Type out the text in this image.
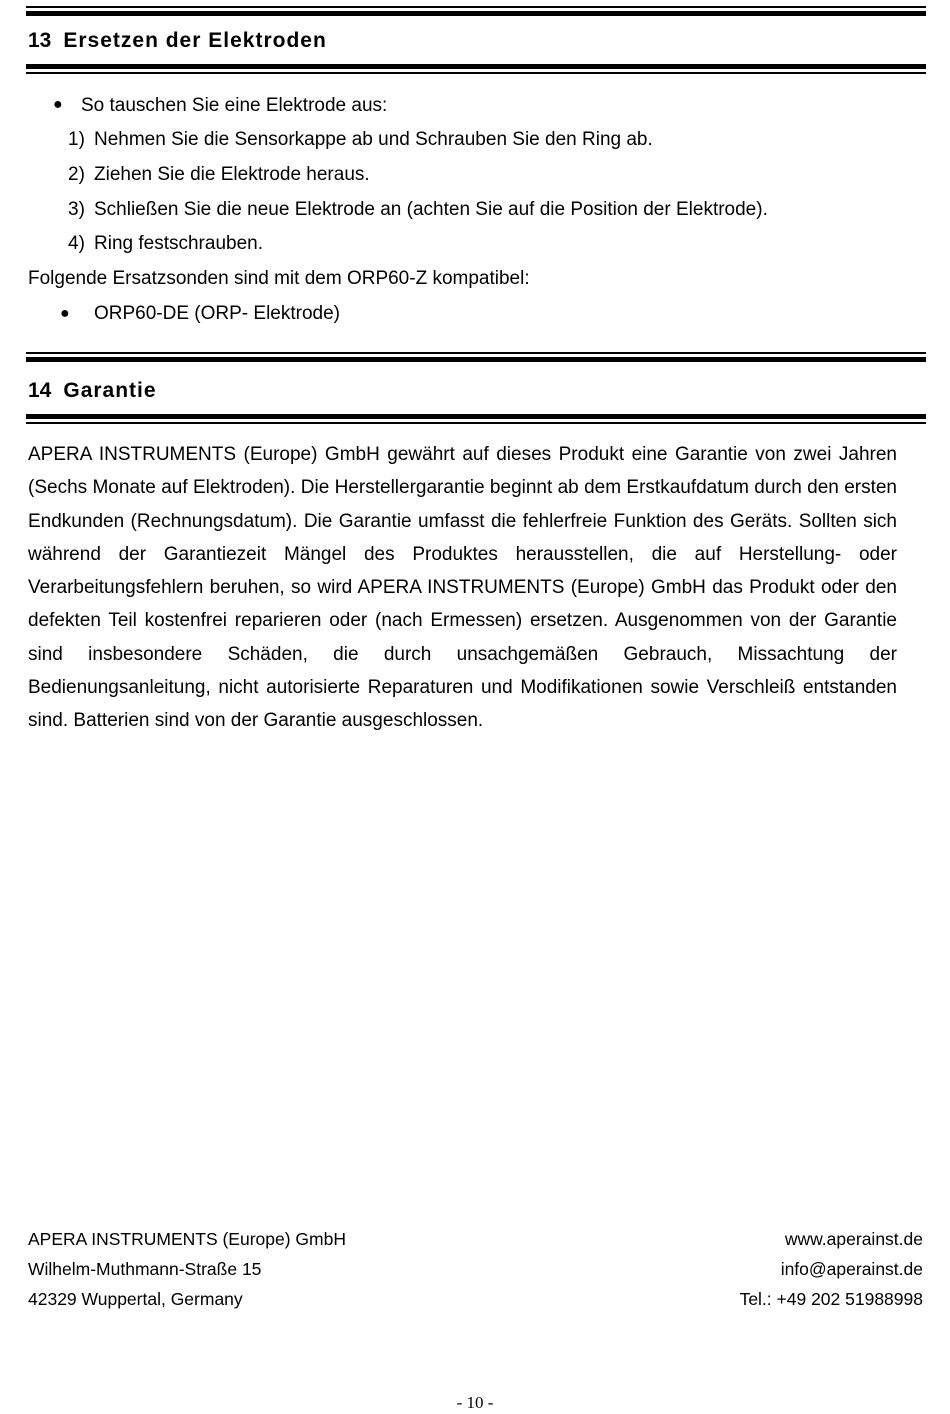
13 Ersetzen der Elektroden
● So tauschen Sie eine Elektrode aus:
1) Nehmen Sie die Sensorkappe ab und Schrauben Sie den Ring ab.
2) Ziehen Sie die Elektrode heraus.
3) Schließen Sie die neue Elektrode an (achten Sie auf die Position der Elektrode).
4) Ring festschrauben.
Folgende Ersatzsonden sind mit dem ORP60-Z kompatibel:
● ORP60-DE (ORP- Elektrode)
14 Garantie

APERA INSTRUMENTS (Europe) GmbH gewährt auf dieses Produkt eine Garantie von zwei Jahren (Sechs Monate auf Elektroden). Die Herstellergarantie beginnt ab dem Erstkaufdatum durch den ersten Endkunden (Rechnungsdatum). Die Garantie umfasst die fehlerfreie Funktion des Geräts. Sollten sich während der Garantiezeit Mängel des Produktes herausstellen, die auf Herstellung- oder Verarbeitungsfehlern beruhen, so wird APERA INSTRUMENTS (Europe) GmbH das Produkt oder den defekten Teil kostenfrei reparieren oder (nach Ermessen) ersetzen. Ausgenommen von der Garantie sind insbesondere Schäden, die durch unsachgemäßen Gebrauch, Missachtung der Bedienungsanleitung, nicht autorisierte Reparaturen und Modifikationen sowie Verschleiß entstanden sind. Batterien sind von der Garantie ausgeschlossen.

APERA INSTRUMENTS (Europe) GmbH
Wilhelm-Muthmann-Straße 15
42329 Wuppertal, Germany
www.aperainst.de
info@aperainst.de
Tel.: +49 202 51988998
- 10 -
